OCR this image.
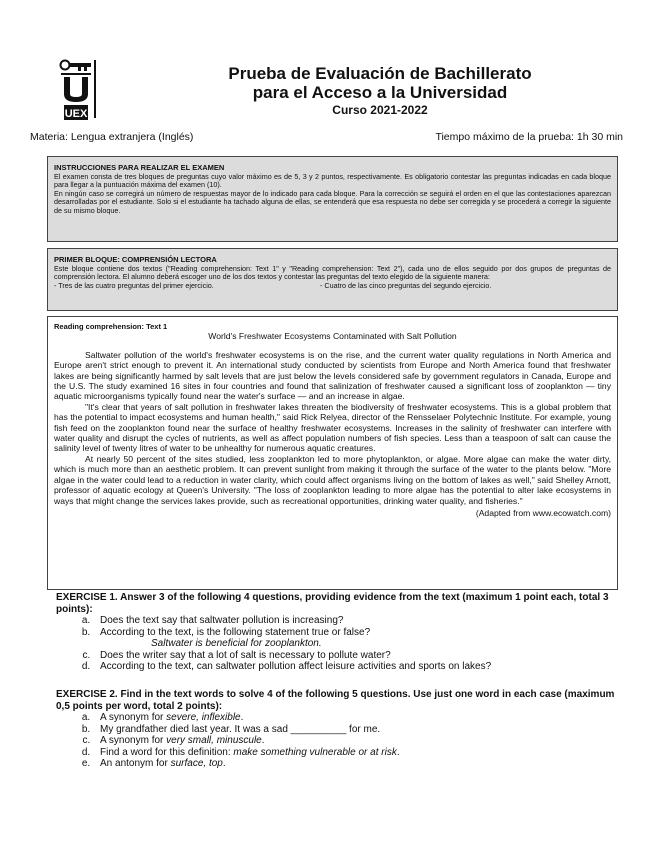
UEX
Prueba de Evaluación de Bachillerato
para el Acceso a la Universidad
Curso 2021-2022
Materia: Lengua extranjera (Inglés)	Tiempo máximo de la prueba: 1h 30 min
INSTRUCCIONES PARA REALIZAR EL EXAMEN

El examen consta de tres bloques de preguntas cuyo valor máximo es de 5, 3 y 2 puntos, respectivamente. Es obligatorio contestar las preguntas indicadas en cada bloque para llegar a la puntuación máxima del examen (10).

En ningún caso se corregirá un número de respuestas mayor de lo indicado para cada bloque. Para la corrección se seguirá el orden en el que las contestaciones aparezcan desarrolladas por el estudiante. Solo si el estudiante ha tachado alguna de ellas, se entenderá que esa respuesta no debe ser corregida y se procederá a corregir la siguiente de su mismo bloque.

PRIMER BLOQUE: COMPRENSIÓN LECTORA

Este bloque contiene dos textos ("Reading comprehension: Text 1" y "Reading comprehension: Text 2"), cada uno de ellos seguido por dos grupos de preguntas de comprensión lectora. El alumno deberá escoger uno de los dos textos y contestar las preguntas del texto elegido de la siguiente manera:

- Tres de las cuatro preguntas del primer ejercicio.	- Cuatro de las cinco preguntas del segundo ejercicio.
Reading comprehension: Text 1
World's Freshwater Ecosystems Contaminated with Salt Pollution

Saltwater pollution of the world's freshwater ecosystems is on the rise, and the current water quality regulations in North America and Europe aren't strict enough to prevent it. An international study conducted by scientists from Europe and North America found that freshwater lakes are being significantly harmed by salt levels that are just below the levels considered safe by government regulators in Canada, Europe and the U.S. The study examined 16 sites in four countries and found that salinization of freshwater caused a significant loss of zooplankton — tiny aquatic microorganisms typically found near the water's surface — and an increase in algae.

"It's clear that years of salt pollution in freshwater lakes threaten the biodiversity of freshwater ecosystems. This is a global problem that has the potential to impact ecosystems and human health," said Rick Relyea, director of the Rensselaer Polytechnic Institute. For example, young fish feed on the zooplankton found near the surface of healthy freshwater ecosystems. Increases in the salinity of freshwater can interfere with water quality and disrupt the cycles of nutrients, as well as affect population numbers of fish species. Less than a teaspoon of salt can cause the salinity level of twenty litres of water to be unhealthy for numerous aquatic creatures.

At nearly 50 percent of the sites studied, less zooplankton led to more phytoplankton, or algae. More algae can make the water dirty, which is much more than an aesthetic problem. It can prevent sunlight from making it through the surface of the water to the plants below. "More algae in the water could lead to a reduction in water clarity, which could affect organisms living on the bottom of lakes as well," said Shelley Arnott, professor of aquatic ecology at Queen's University. "The loss of zooplankton leading to more algae has the potential to alter lake ecosystems in ways that might change the services lakes provide, such as recreational opportunities, drinking water quality, and fisheries."

(Adapted from www.ecowatch.com)

EXERCISE 1. Answer 3 of the following 4 questions, providing evidence from the text (maximum 1 point each, total 3 points):

a. Does the text say that saltwater pollution is increasing?
b. According to the text, is the following statement true or false?
Saltwater is beneficial for zooplankton.
c. Does the writer say that a lot of salt is necessary to pollute water?
d. According to the text, can saltwater pollution affect leisure activities and sports on lakes?

EXERCISE 2. Find in the text words to solve 4 of the following 5 questions. Use just one word in each case (maximum 0,5 points per word, total 2 points):

a. A synonym for severe, inflexible.
b. My grandfather died last year. It was a sad __________ for me.
c. A synonym for very small, minuscule.
d. Find a word for this definition: make something vulnerable or at risk.
e. An antonym for surface, top.
